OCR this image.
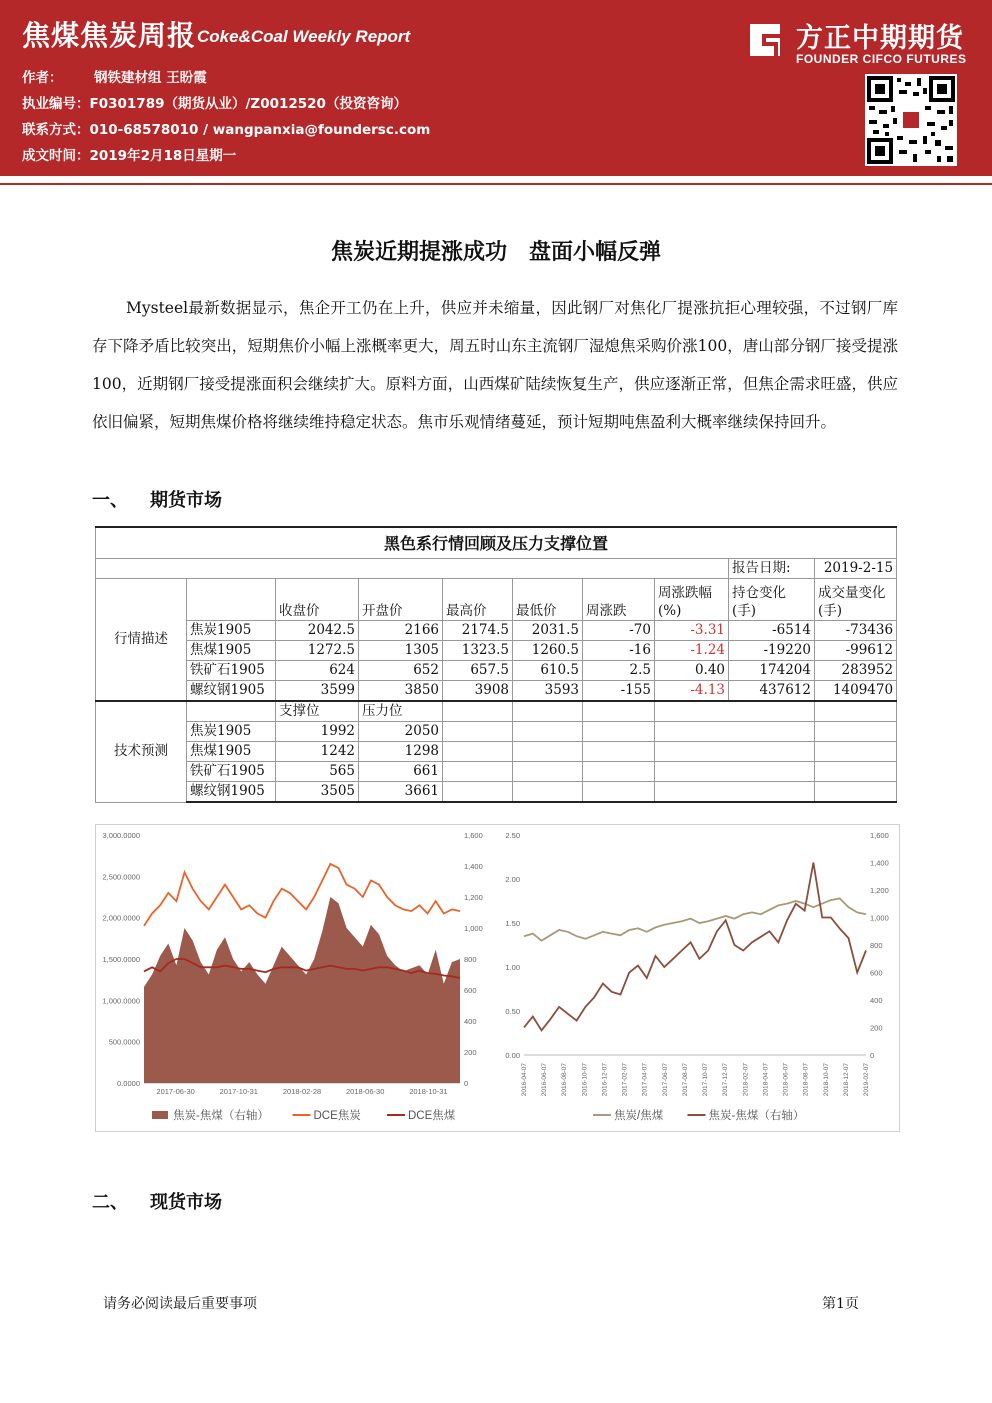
焦煤焦炭周报 Coke&Coal Weekly Report
作者： 钢铁建材组 王盼霞
执业编号：F0301789（期货从业）/Z0012520（投资咨询）
联系方式：010-68578010 / wangpanxia@foundersc.com
成文时间：2019年2月18日星期一
方正中期期货
FOUNDER CIFCO FUTURES
焦炭近期提涨成功　盘面小幅反弹
Mysteel最新数据显示，焦企开工仍在上升，供应并未缩量，因此钢厂对焦化厂提涨抗拒心理较强，不过钢厂库存下降矛盾比较突出，短期焦价小幅上涨概率更大，周五时山东主流钢厂湿熄焦采购价涨100，唐山部分钢厂接受提涨100，近期钢厂接受提涨面积会继续扩大。原料方面，山西煤矿陆续恢复生产，供应逐渐正常，但焦企需求旺盛，供应依旧偏紧，短期焦煤价格将继续维持稳定状态。焦市乐观情绪蔓延，预计短期吨焦盈利大概率继续保持回升。
一、 期货市场
黑色系行情回顾及压力支撑位置									
								报告日期:	2019-2-15
行情描述		收盘价	开盘价	最高价	最低价	周涨跌	周涨跌幅 (%)	持仓变化 (手)	成交量变化 (手)
	焦炭1905	2042.5	2166	2174.5	2031.5	-70	-3.31	-6514	-73436
	焦煤1905	1272.5	1305	1323.5	1260.5	-16	-1.24	-19220	-99612
	铁矿石1905	624	652	657.5	610.5	2.5	0.40	174204	283952
	螺纹钢1905	3599	3850	3908	3593	-155	-4.13	437612	1409470
技术预测		支撑位	压力位						
	焦炭1905	1992	2050						
	焦煤1905	1242	1298						
	铁矿石1905	565	661						
	螺纹钢1905	3505	3661						
3,000.0000
2,500.0000
2,000.0000
1,500.0000
1,000.0000
500.0000
0.0000
1,600
1,400
1,200
1,000
800
600
400
200
0
2017-06-30	2017-10-31	2018-02-28	2018-06-30	2018-10-31
焦炭-焦煤（右轴）	DCE焦炭	DCE焦煤
2.50
2.00
1.50
1.00
0.50
0.00
1,600
1,400
1,200
1,000
800
600
400
200
0
2016-04-07 2016-06-07 2016-08-07 2016-10-07 2016-12-07 2017-02-07 2017-04-07 2017-06-07 2017-08-07 2017-10-07 2017-12-07 2018-02-07 2018-04-07 2018-06-07 2018-08-07 2018-10-07 2018-12-07 2019-02-07
焦炭/焦煤	焦炭-焦煤（右轴）
二、 现货市场
请务必阅读最后重要事项	第1页
